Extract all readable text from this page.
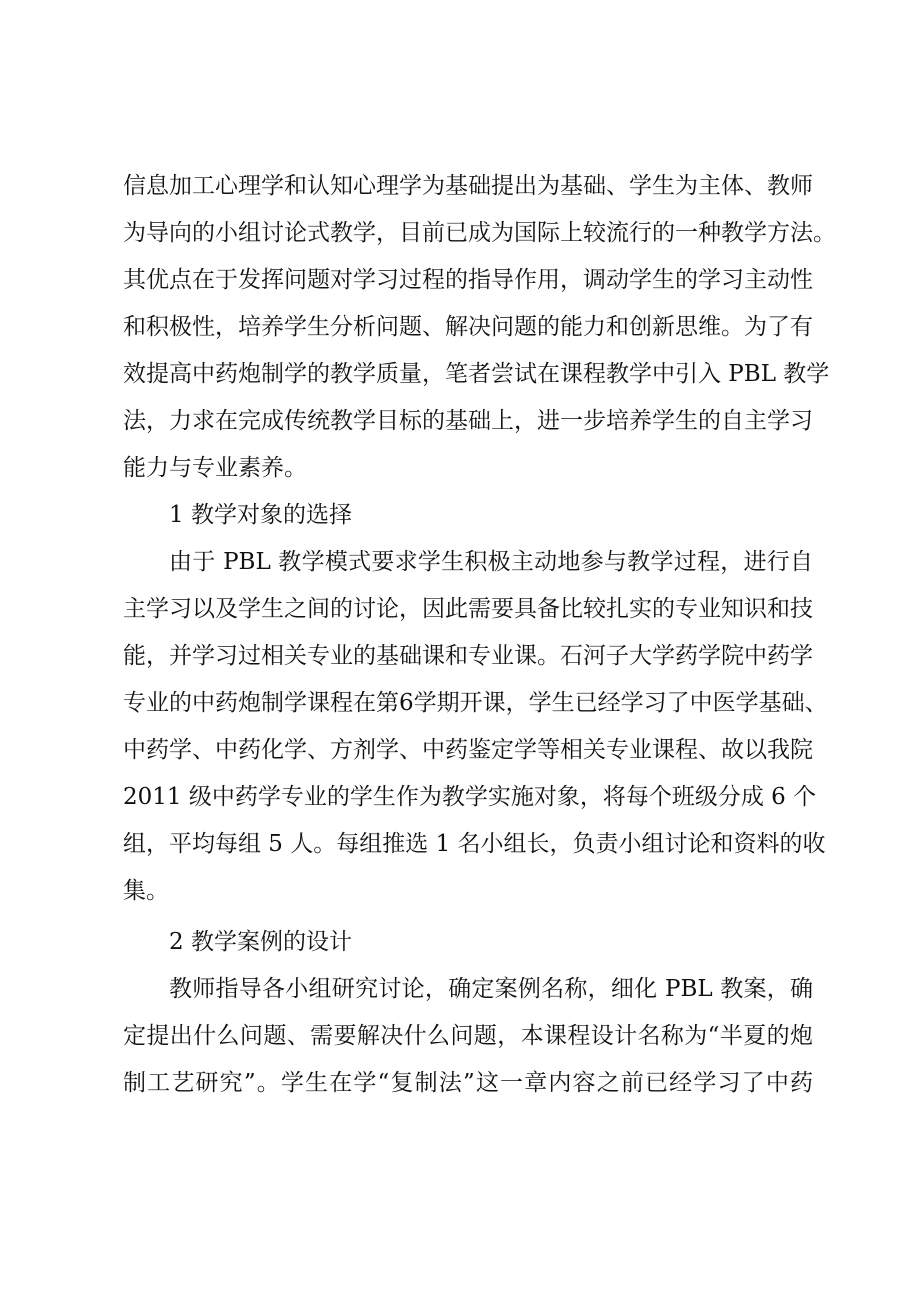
信息加工心理学和认知心理学为基础提出为基础、学生为主体、教师
为导向的小组讨论式教学，目前已成为国际上较流行的一种教学方法。
其优点在于发挥问题对学习过程的指导作用，调动学生的学习主动性
和积极性，培养学生分析问题、解决问题的能力和创新思维。为了有
效提高中药炮制学的教学质量，笔者尝试在课程教学中引入 PBL 教学
法，力求在完成传统教学目标的基础上，进一步培养学生的自主学习
能力与专业素养。
1 教学对象的选择
由于 PBL 教学模式要求学生积极主动地参与教学过程，进行自
主学习以及学生之间的讨论，因此需要具备比较扎实的专业知识和技
能，并学习过相关专业的基础课和专业课。石河子大学药学院中药学
专业的中药炮制学课程在第6学期开课，学生已经学习了中医学基础、
中药学、中药化学、方剂学、中药鉴定学等相关专业课程、故以我院
2011 级中药学专业的学生作为教学实施对象，将每个班级分成 6 个
组，平均每组 5 人。每组推选 1 名小组长，负责小组讨论和资料的收
集。
2 教学案例的设计
教师指导各小组研究讨论，确定案例名称，细化 PBL 教案，确
定提出什么问题、需要解决什么问题，本课程设计名称为“半夏的炮
制工艺研究”。学生在学“复制法”这一章内容之前已经学习了中药
